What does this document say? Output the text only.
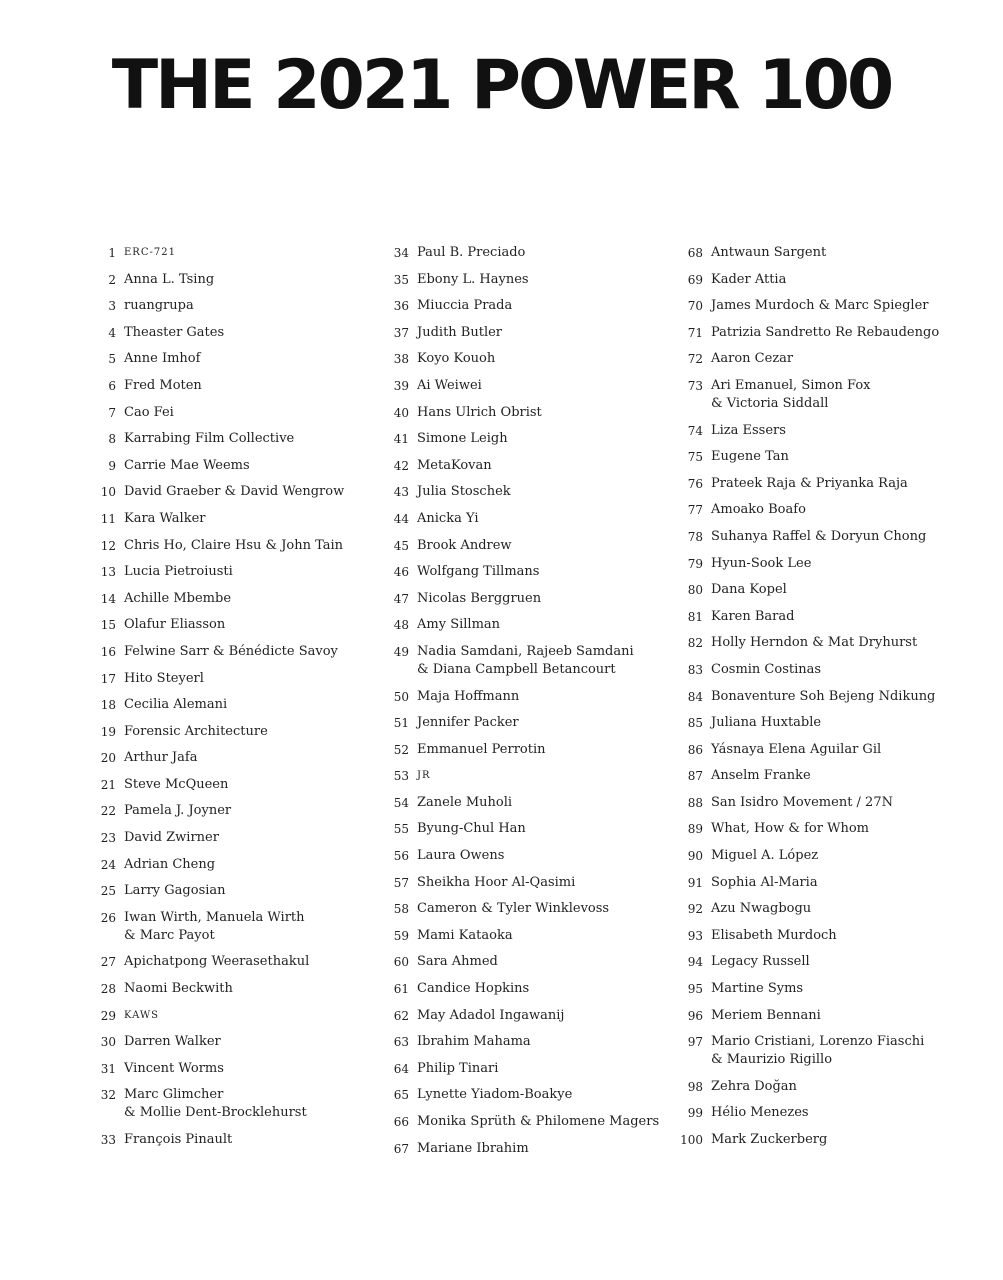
THE 2021 POWER 100
1 ERC-721
2 Anna L. Tsing
3 ruangrupa
4 Theaster Gates
5 Anne Imhof
6 Fred Moten
7 Cao Fei
8 Karrabing Film Collective
9 Carrie Mae Weems
10 David Graeber & David Wengrow
11 Kara Walker
12 Chris Ho, Claire Hsu & John Tain
13 Lucia Pietroiusti
14 Achille Mbembe
15 Olafur Eliasson
16 Felwine Sarr & Bénédicte Savoy
17 Hito Steyerl
18 Cecilia Alemani
19 Forensic Architecture
20 Arthur Jafa
21 Steve McQueen
22 Pamela J. Joyner
23 David Zwirner
24 Adrian Cheng
25 Larry Gagosian
26 Iwan Wirth, Manuela Wirth
& Marc Payot
27 Apichatpong Weerasethakul
28 Naomi Beckwith
29 KAWS
30 Darren Walker
31 Vincent Worms
32 Marc Glimcher
& Mollie Dent-Brocklehurst
33 François Pinault
34 Paul B. Preciado
35 Ebony L. Haynes
36 Miuccia Prada
37 Judith Butler
38 Koyo Kouoh
39 Ai Weiwei
40 Hans Ulrich Obrist
41 Simone Leigh
42 MetaKovan
43 Julia Stoschek
44 Anicka Yi
45 Brook Andrew
46 Wolfgang Tillmans
47 Nicolas Berggruen
48 Amy Sillman
49 Nadia Samdani, Rajeeb Samdani
& Diana Campbell Betancourt
50 Maja Hoffmann
51 Jennifer Packer
52 Emmanuel Perrotin
53 JR
54 Zanele Muholi
55 Byung-Chul Han
56 Laura Owens
57 Sheikha Hoor Al-Qasimi
58 Cameron & Tyler Winklevoss
59 Mami Kataoka
60 Sara Ahmed
61 Candice Hopkins
62 May Adadol Ingawanij
63 Ibrahim Mahama
64 Philip Tinari
65 Lynette Yiadom-Boakye
66 Monika Sprüth & Philomene Magers
67 Mariane Ibrahim
68 Antwaun Sargent
69 Kader Attia
70 James Murdoch & Marc Spiegler
71 Patrizia Sandretto Re Rebaudengo
72 Aaron Cezar
73 Ari Emanuel, Simon Fox
& Victoria Siddall
74 Liza Essers
75 Eugene Tan
76 Prateek Raja & Priyanka Raja
77 Amoako Boafo
78 Suhanya Raffel & Doryun Chong
79 Hyun-Sook Lee
80 Dana Kopel
81 Karen Barad
82 Holly Herndon & Mat Dryhurst
83 Cosmin Costinas
84 Bonaventure Soh Bejeng Ndikung
85 Juliana Huxtable
86 Yásnaya Elena Aguilar Gil
87 Anselm Franke
88 San Isidro Movement / 27N
89 What, How & for Whom
90 Miguel A. López
91 Sophia Al-Maria
92 Azu Nwagbogu
93 Elisabeth Murdoch
94 Legacy Russell
95 Martine Syms
96 Meriem Bennani
97 Mario Cristiani, Lorenzo Fiaschi
& Maurizio Rigillo
98 Zehra Doğan
99 Hélio Menezes
100 Mark Zuckerberg
